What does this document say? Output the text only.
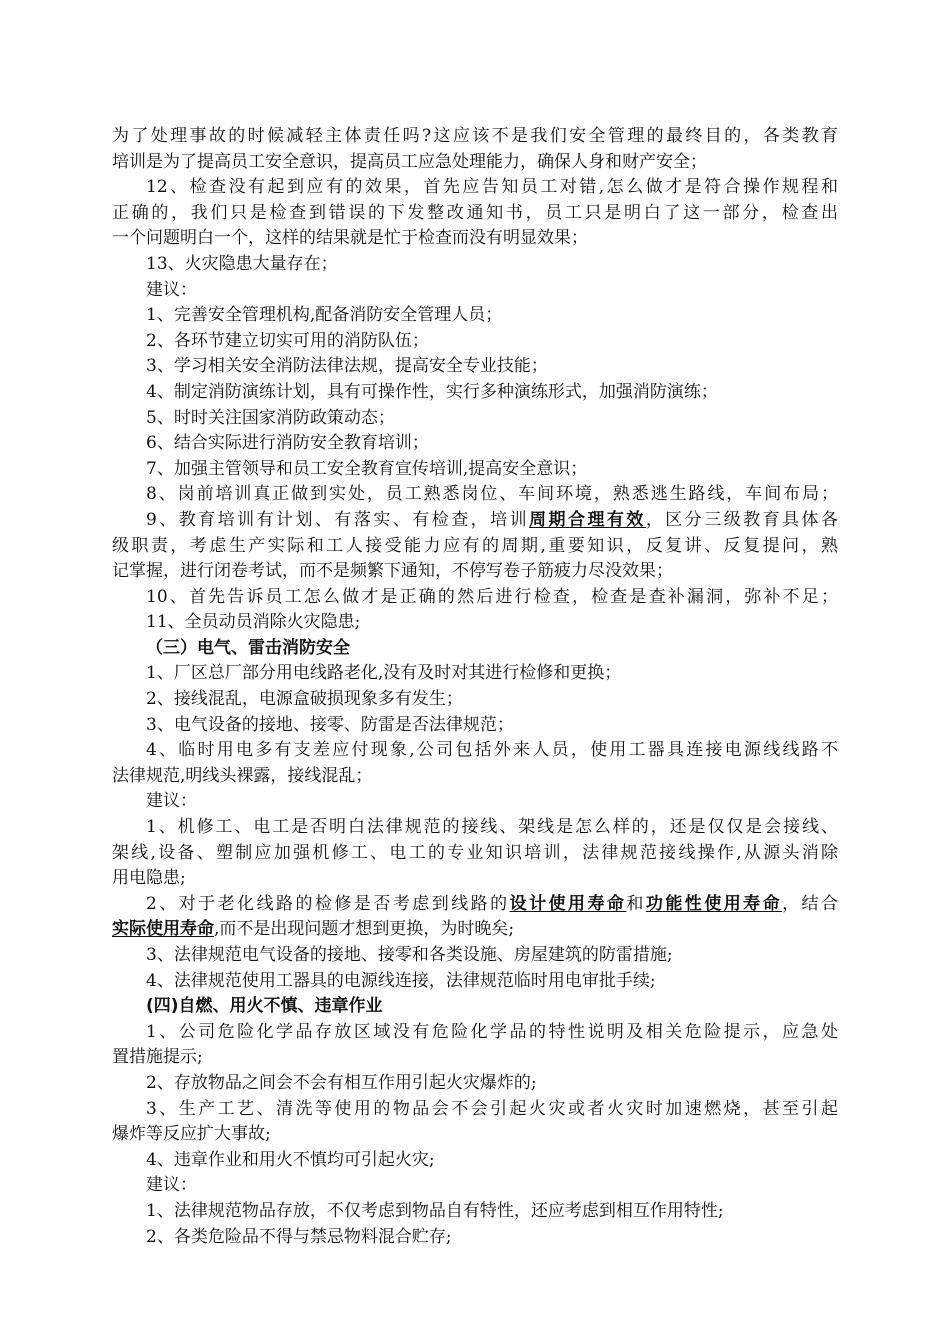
为了处理事故的时候减轻主体责任吗?这应该不是我们安全管理的最终目的，各类教育
培训是为了提高员工安全意识，提高员工应急处理能力，确保人身和财产安全；
12、检查没有起到应有的效果，首先应告知员工对错,怎么做才是符合操作规程和
正确的，我们只是检查到错误的下发整改通知书，员工只是明白了这一部分，检查出
一个问题明白一个，这样的结果就是忙于检查而没有明显效果；
13、火灾隐患大量存在；
建议：
1、完善安全管理机构,配备消防安全管理人员；
2、各环节建立切实可用的消防队伍；
3、学习相关安全消防法律法规，提高安全专业技能；
4、制定消防演练计划，具有可操作性，实行多种演练形式，加强消防演练；
5、时时关注国家消防政策动态；
6、结合实际进行消防安全教育培训；
7、加强主管领导和员工安全教育宣传培训,提高安全意识；
8、岗前培训真正做到实处，员工熟悉岗位、车间环境，熟悉逃生路线，车间布局；
9、教育培训有计划、有落实、有检查，培训周期合理有效，区分三级教育具体各
级职责，考虑生产实际和工人接受能力应有的周期,重要知识，反复讲、反复提问，熟
记掌握，进行闭卷考试，而不是频繁下通知，不停写卷子筋疲力尽没效果；
10、首先告诉员工怎么做才是正确的然后进行检查，检查是查补漏洞，弥补不足；
11、全员动员消除火灾隐患;
（三）电气、雷击消防安全
1、厂区总厂部分用电线路老化,没有及时对其进行检修和更换；
2、接线混乱，电源盒破损现象多有发生；
3、电气设备的接地、接零、防雷是否法律规范；
4、临时用电多有支差应付现象,公司包括外来人员，使用工器具连接电源线线路不
法律规范,明线头裸露，接线混乱；
建议：
1、机修工、电工是否明白法律规范的接线、架线是怎么样的，还是仅仅是会接线、
架线,设备、塑制应加强机修工、电工的专业知识培训，法律规范接线操作,从源头消除
用电隐患;
2、对于老化线路的检修是否考虑到线路的设计使用寿命和功能性使用寿命，结合
实际使用寿命,而不是出现问题才想到更换，为时晚矣;
3、法律规范电气设备的接地、接零和各类设施、房屋建筑的防雷措施;
4、法律规范使用工器具的电源线连接，法律规范临时用电审批手续;
(四)自燃、用火不慎、违章作业
1、公司危险化学品存放区域没有危险化学品的特性说明及相关危险提示，应急处
置措施提示;
2、存放物品之间会不会有相互作用引起火灾爆炸的;
3、生产工艺、清洗等使用的物品会不会引起火灾或者火灾时加速燃烧，甚至引起
爆炸等反应扩大事故;
4、违章作业和用火不慎均可引起火灾;
建议：
1、法律规范物品存放，不仅考虑到物品自有特性，还应考虑到相互作用特性;
2、各类危险品不得与禁忌物料混合贮存;
